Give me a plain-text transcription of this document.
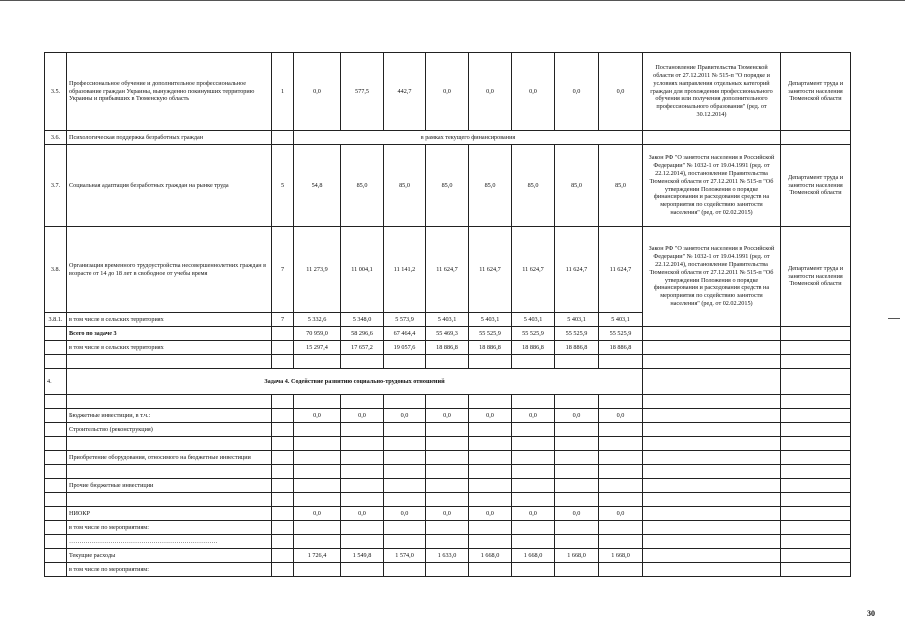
3.5.	Профессиональное обучение и дополнительное профессиональное образование граждан Украины, вынужденно покинувших территорию Украины и прибывших в Тюменскую область	1	0,0	577,5	442,7	0,0	0,0	0,0	0,0	0,0	Постановление Правительства Тюменской области от 27.12.2011 № 515-п "О порядке и условиях направления отдельных категорий граждан для прохождения профессионального обучения или получения дополнительного профессионального образования" (ред. от 30.12.2014)	Департамент труда и занятости населения Тюменской области
3.6.	Психологическая поддержка безработных граждан		в рамках текущего финансирования									
3.7.	Социальная адаптация безработных граждан на рынке труда	5	54,8	85,0	85,0	85,0	85,0	85,0	85,0	85,0	Закон РФ "О занятости населения в Российской Федерации" № 1032-1 от 19.04.1991 (ред. от 22.12.2014), постановление Правительства Тюменской области от 27.12.2011 № 515-п "Об утверждении Положения о порядке финансирования и расходования средств на мероприятия по содействию занятости населения" (ред. от 02.02.2015)	Департамент труда и занятости населения Тюменской области
3.8.	Организация временного трудоустройства несовершеннолетних граждан в возрасте от 14 до 18 лет в свободное от учебы время	7	11 273,9	11 004,1	11 141,2	11 624,7	11 624,7	11 624,7	11 624,7	11 624,7	Закон РФ "О занятости населения в Российской Федерации" № 1032-1 от 19.04.1991 (ред. от 22.12.2014), постановление Правительства Тюменской области от 27.12.2011 № 515-п "Об утверждении Положения о порядке финансирования и расходования средств на мероприятия по содействию занятости населения" (ред. от 02.02.2015)	Департамент труда и занятости населения Тюменской области
3.8.1.	в том числе в сельских территориях	7	5 332,6	5 348,0	5 573,9	5 403,1	5 403,1	5 403,1	5 403,1	5 403,1		
	Всего по задаче 3		70 959,0	58 296,6	67 464,4	55 469,3	55 525,9	55 525,9	55 525,9	55 525,9		
	в том числе в сельских территориях		15 297,4	17 657,2	19 057,6	18 886,8	18 886,8	18 886,8	18 886,8	18 886,8		

4.	Задача 4. Содействие развитию социально-трудовых отношений											

	Бюджетные инвестиции, в т.ч.:		0,0	0,0	0,0	0,0	0,0	0,0	0,0	0,0		
	Строительство (реконструкция)											

	Приобретение оборудования, относимого на бюджетные инвестиции											

	Прочие бюджетные инвестиции											

	НИОКР		0,0	0,0	0,0	0,0	0,0	0,0	0,0	0,0		
	в том числе по мероприятиям:											
	………………………………………………………………											
	Текущие расходы		1 726,4	1 549,8	1 574,0	1 633,0	1 668,0	1 668,0	1 668,0	1 668,0		
	в том числе по мероприятиям:											
30
